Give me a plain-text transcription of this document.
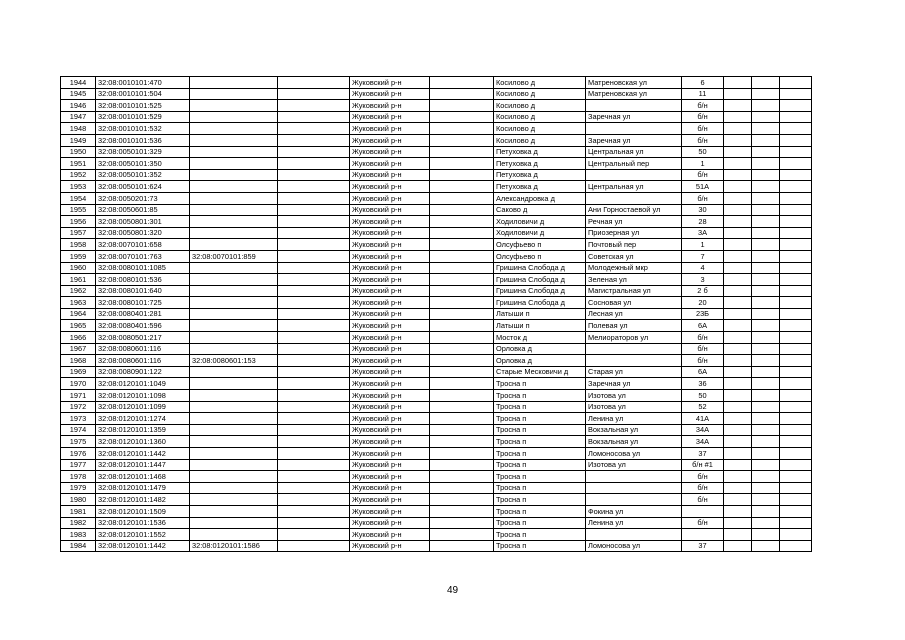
1944	32:08:0010101:470			Жуковский р-н		Косилово д	Матреновская ул	6			
1945	32:08:0010101:504			Жуковский р-н		Косилово д	Матреновская ул	11			
1946	32:08:0010101:525			Жуковский р-н		Косилово д		б/н			
1947	32:08:0010101:529			Жуковский р-н		Косилово д	Заречная ул	б/н			
1948	32:08:0010101:532			Жуковский р-н		Косилово д		б/н			
1949	32:08:0010101:536			Жуковский р-н		Косилово д	Заречная ул	б/н			
1950	32:08:0050101:329			Жуковский р-н		Петуховка д	Центральная ул	50			
1951	32:08:0050101:350			Жуковский р-н		Петуховка д	Центральный пер	1			
1952	32:08:0050101:352			Жуковский р-н		Петуховка д		б/н			
1953	32:08:0050101:624			Жуковский р-н		Петуховка д	Центральная ул	51А			
1954	32:08:0050201:73			Жуковский р-н		Александровка д		б/н			
1955	32:08:0050601:85			Жуковский р-н		Саково д	Ани Горностаевой ул	30			
1956	32:08:0050801:301			Жуковский р-н		Ходиловичи д	Речная ул	28			
1957	32:08:0050801:320			Жуковский р-н		Ходиловичи д	Приозерная ул	3А			
1958	32:08:0070101:658			Жуковский р-н		Олсуфьево п	Почтовый пер	1			
1959	32:08:0070101:763	32:08:0070101:859		Жуковский р-н		Олсуфьево п	Советская ул	7			
1960	32:08:0080101:1085			Жуковский р-н		Гришина Слобода д	Молодежный мкр	4			
1961	32:08:0080101:536			Жуковский р-н		Гришина Слобода д	Зеленая ул	3			
1962	32:08:0080101:640			Жуковский р-н		Гришина Слобода д	Магистральная ул	2 б			
1963	32:08:0080101:725			Жуковский р-н		Гришина Слобода д	Сосновая ул	20			
1964	32:08:0080401:281			Жуковский р-н		Латыши п	Лесная ул	23Б			
1965	32:08:0080401:596			Жуковский р-н		Латыши п	Полевая ул	6А			
1966	32:08:0080501:217			Жуковский р-н		Мосток д	Мелиораторов ул	б/н			
1967	32:08:0080601:116			Жуковский р-н		Орловка д		б/н			
1968	32:08:0080601:116	32:08:0080601:153		Жуковский р-н		Орловка д		б/н			
1969	32:08:0080901:122			Жуковский р-н		Старые Месковичи д	Старая ул	6А			
1970	32:08:0120101:1049			Жуковский р-н		Тросна п	Заречная ул	36			
1971	32:08:0120101:1098			Жуковский р-н		Тросна п	Изотова ул	50			
1972	32:08:0120101:1099			Жуковский р-н		Тросна п	Изотова ул	52			
1973	32:08:0120101:1274			Жуковский р-н		Тросна п	Ленина ул	41А			
1974	32:08:0120101:1359			Жуковский р-н		Тросна п	Вокзальная ул	34А			
1975	32:08:0120101:1360			Жуковский р-н		Тросна п	Вокзальная ул	34А			
1976	32:08:0120101:1442			Жуковский р-н		Тросна п	Ломоносова ул	37			
1977	32:08:0120101:1447			Жуковский р-н		Тросна п	Изотова ул	б/н #1			
1978	32:08:0120101:1468			Жуковский р-н		Тросна п		б/н			
1979	32:08:0120101:1479			Жуковский р-н		Тросна п		б/н			
1980	32:08:0120101:1482			Жуковский р-н		Тросна п		б/н			
1981	32:08:0120101:1509			Жуковский р-н		Тросна п	Фокина ул				
1982	32:08:0120101:1536			Жуковский р-н		Тросна п	Ленина ул	б/н			
1983	32:08:0120101:1552			Жуковский р-н		Тросна п					
1984	32:08:0120101:1442	32:08:0120101:1586		Жуковский р-н		Тросна п	Ломоносова ул	37			
49
